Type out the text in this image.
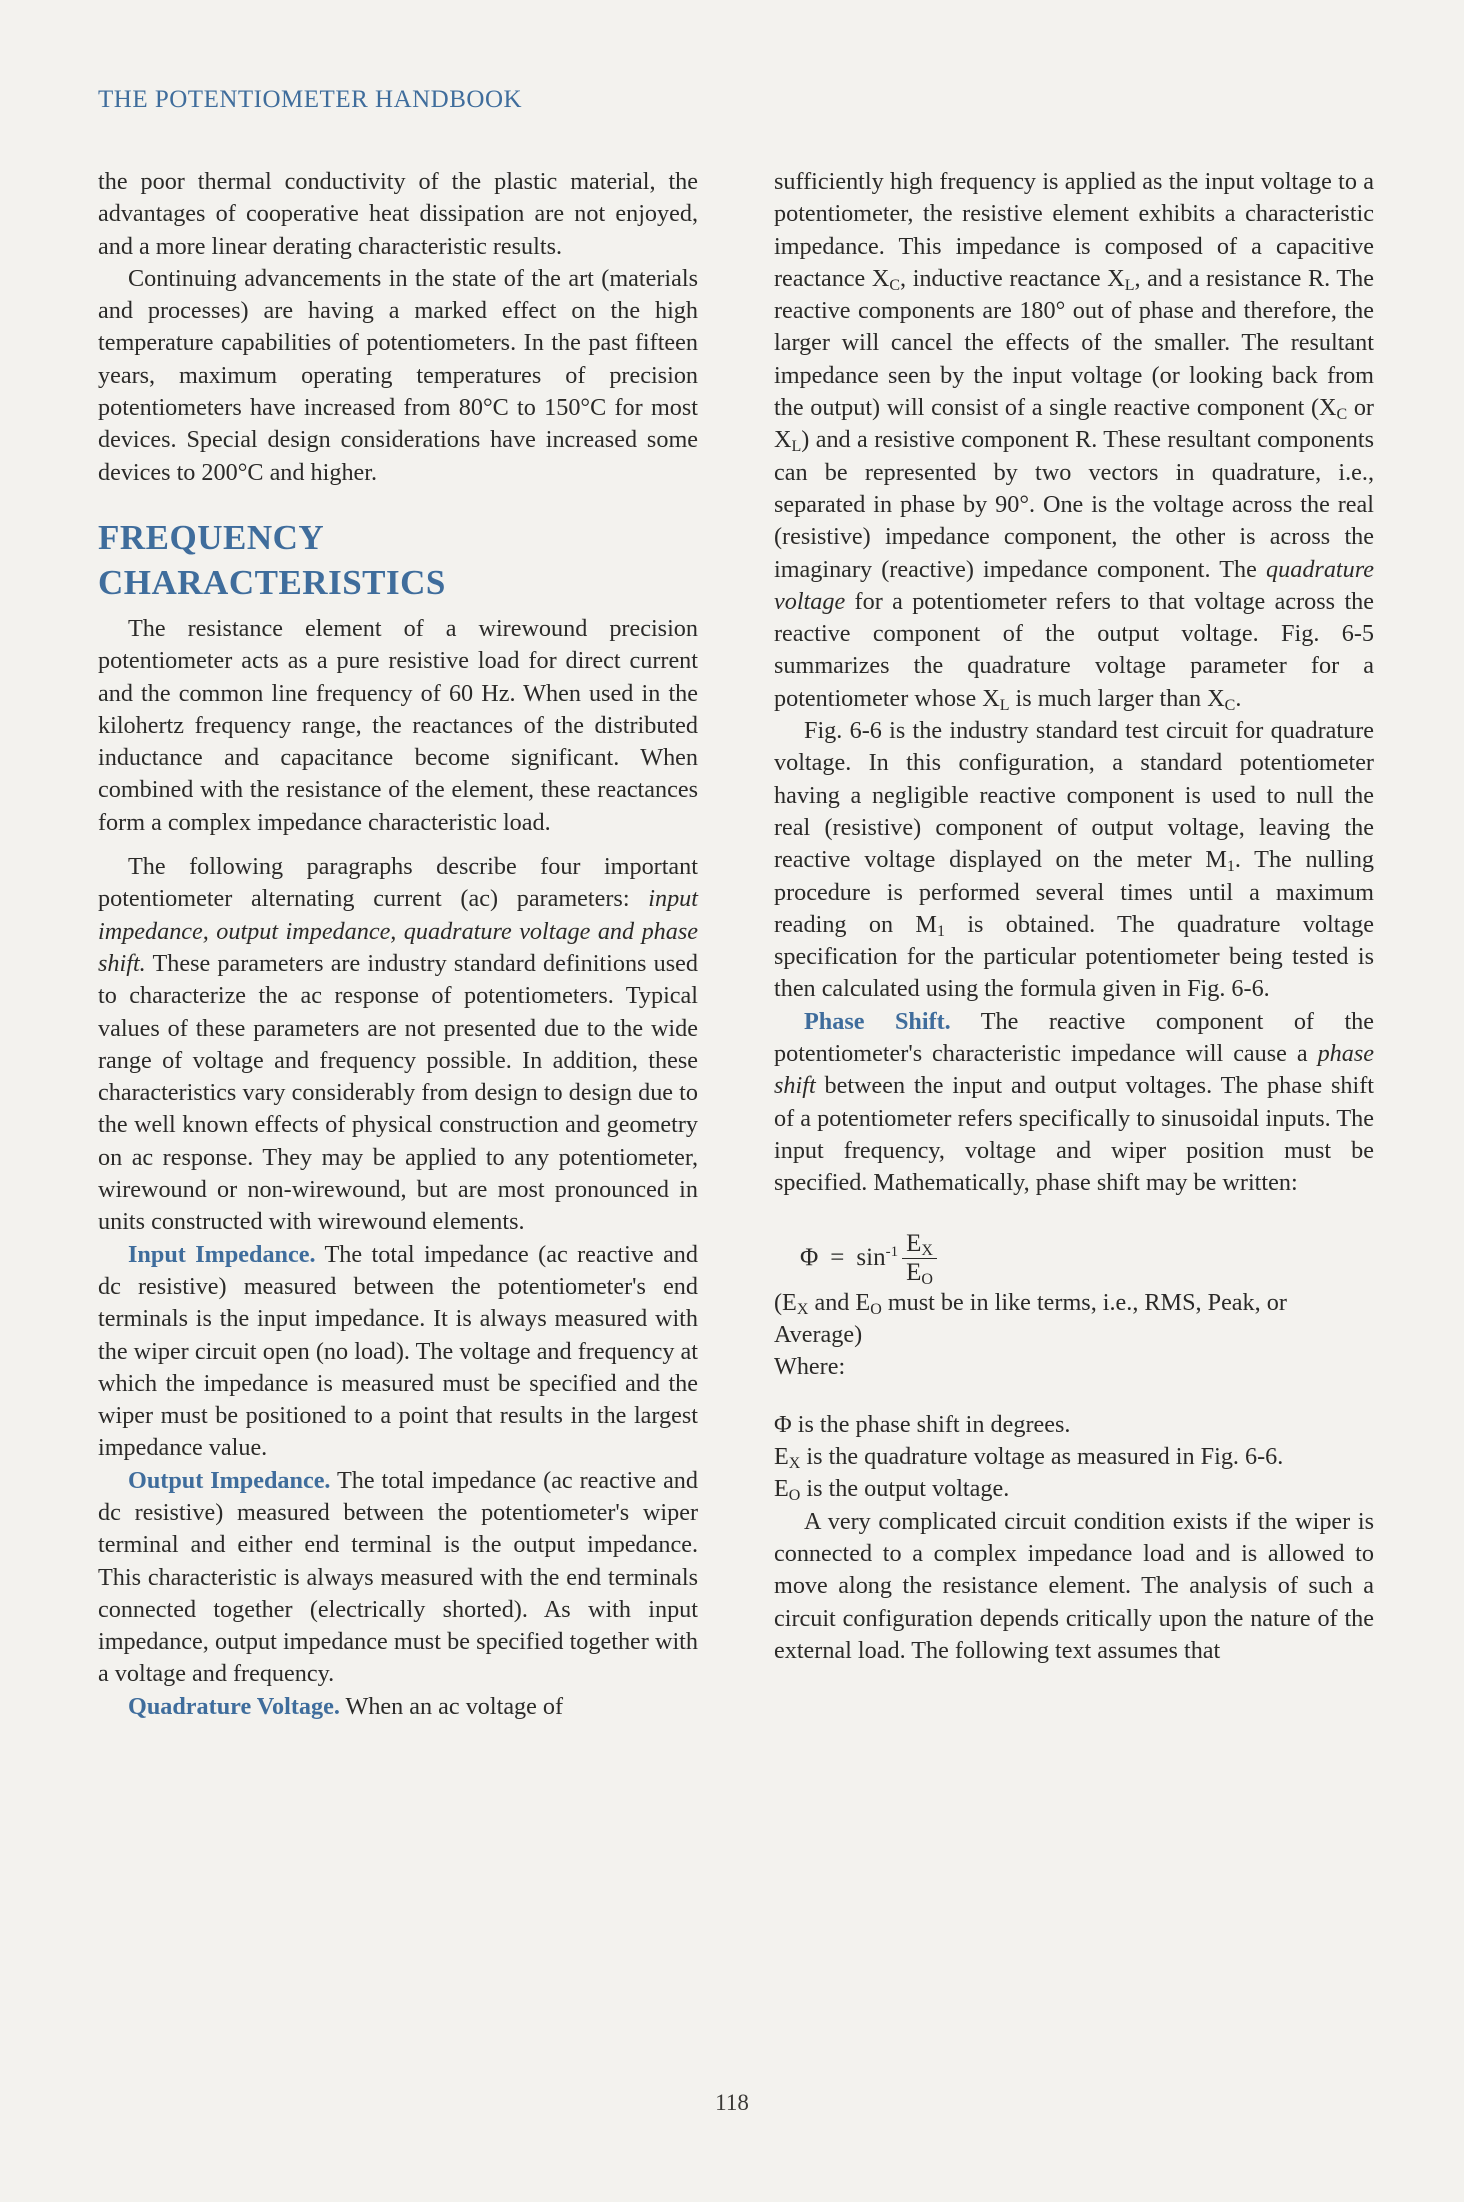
THE POTENTIOMETER HANDBOOK

the poor thermal conductivity of the plastic material, the advantages of cooperative heat dissipation are not enjoyed, and a more linear derating characteristic results.

Continuing advancements in the state of the art (materials and processes) are having a marked effect on the high temperature capabilities of potentiometers. In the past fifteen years, maximum operating temperatures of precision potentiometers have increased from 80°C to 150°C for most devices. Special design considerations have increased some devices to 200°C and higher.

FREQUENCY
CHARACTERISTICS

The resistance element of a wirewound precision potentiometer acts as a pure resistive load for direct current and the common line frequency of 60 Hz. When used in the kilohertz frequency range, the reactances of the distributed inductance and capacitance become significant. When combined with the resistance of the element, these reactances form a complex impedance characteristic load.

The following paragraphs describe four important potentiometer alternating current (ac) parameters: input impedance, output impedance, quadrature voltage and phase shift. These parameters are industry standard definitions used to characterize the ac response of potentiometers. Typical values of these parameters are not presented due to the wide range of voltage and frequency possible. In addition, these characteristics vary considerably from design to design due to the well known effects of physical construction and geometry on ac response. They may be applied to any potentiometer, wirewound or non-wirewound, but are most pronounced in units constructed with wirewound elements.

Input Impedance. The total impedance (ac reactive and dc resistive) measured between the potentiometer's end terminals is the input impedance. It is always measured with the wiper circuit open (no load). The voltage and frequency at which the impedance is measured must be specified and the wiper must be positioned to a point that results in the largest impedance value.

Output Impedance. The total impedance (ac reactive and dc resistive) measured between the potentiometer's wiper terminal and either end terminal is the output impedance. This characteristic is always measured with the end terminals connected together (electrically shorted). As with input impedance, output impedance must be specified together with a voltage and frequency.

Quadrature Voltage. When an ac voltage of

sufficiently high frequency is applied as the input voltage to a potentiometer, the resistive element exhibits a characteristic impedance. This impedance is composed of a capacitive reactance $X_C$, inductive reactance $X_L$, and a resistance R. The reactive components are 180° out of phase and therefore, the larger will cancel the effects of the smaller. The resultant impedance seen by the input voltage (or looking back from the output) will consist of a single reactive component ($X_C$ or $X_L$) and a resistive component R. These resultant components can be represented by two vectors in quadrature, i.e., separated in phase by 90°. One is the voltage across the real (resistive) impedance component, the other is across the imaginary (reactive) impedance component. The quadrature voltage for a potentiometer refers to that voltage across the reactive component of the output voltage. Fig. 6-5 summarizes the quadrature voltage parameter for a potentiometer whose $X_L$ is much larger than $X_C$.

Fig. 6-6 is the industry standard test circuit for quadrature voltage. In this configuration, a standard potentiometer having a negligible reactive component is used to null the real (resistive) component of output voltage, leaving the reactive voltage displayed on the meter $M_1$. The nulling procedure is performed several times until a maximum reading on $M_1$ is obtained. The quadrature voltage specification for the particular potentiometer being tested is then calculated using the formula given in Fig. 6-6.

Phase Shift. The reactive component of the potentiometer's characteristic impedance will cause a phase shift between the input and output voltages. The phase shift of a potentiometer refers specifically to sinusoidal inputs. The input frequency, voltage and wiper position must be specified. Mathematically, phase shift may be written:

$\Phi = \sin^{-1} \frac{E_X}{E_O}$

($E_X$ and $E_O$ must be in like terms, i.e., RMS, Peak, or Average)

Where:

Φ is the phase shift in degrees.

$E_X$ is the quadrature voltage as measured in Fig. 6-6.

$E_O$ is the output voltage.

A very complicated circuit condition exists if the wiper is connected to a complex impedance load and is allowed to move along the resistance element. The analysis of such a circuit configuration depends critically upon the nature of the external load. The following text assumes that

118
